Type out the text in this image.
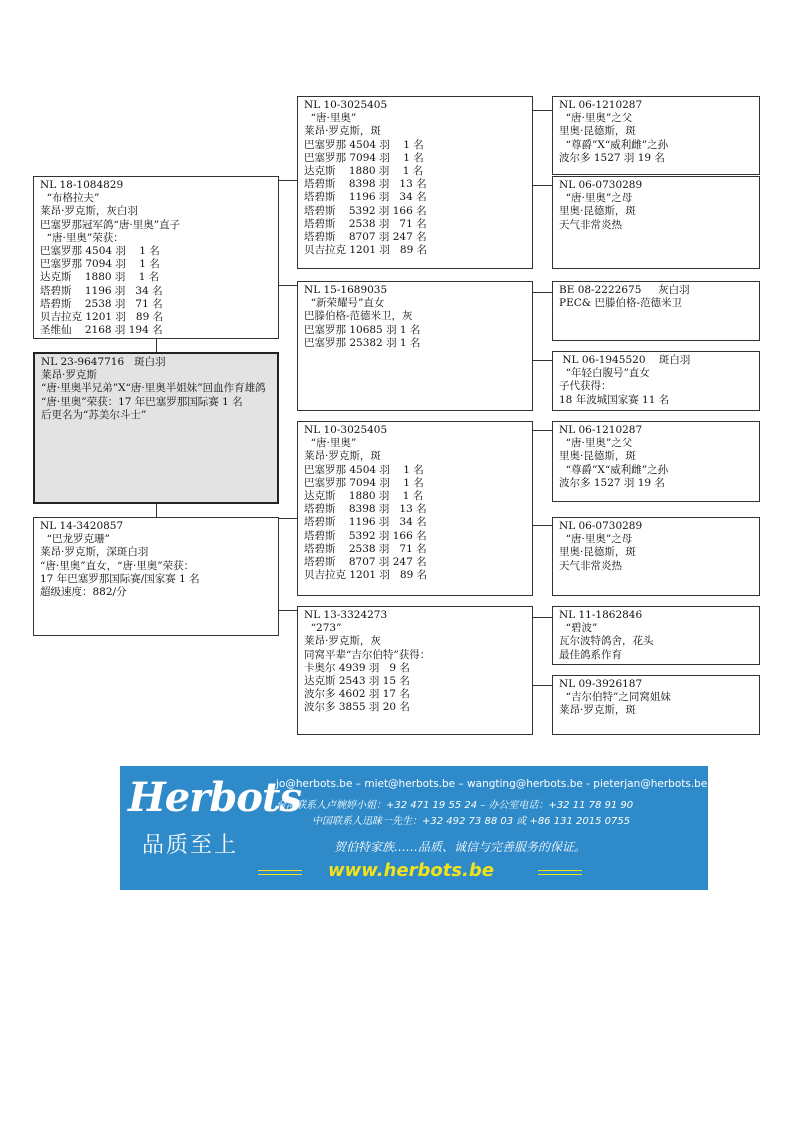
NL 18-1084829
“布格拉夫”
莱昂·罗克斯，灰白羽
巴塞罗那冠军鸽“唐·里奥”直子
“唐·里奥”荣获：
巴塞罗那 4504 羽    1 名
巴塞罗那 7094 羽    1 名
达克斯    1880 羽    1 名
塔碧斯    1196 羽   34 名
塔碧斯    2538 羽   71 名
贝吉拉克 1201 羽   89 名
圣维仙    2168 羽 194 名
NL 23-9647716   斑白羽
莱昂·罗克斯
“唐·里奥半兄弟”X“唐·里奥半姐妹”回血作育雄鸽
“唐·里奥”荣获：17 年巴塞罗那国际赛 1 名
后更名为“苏美尔斗士”
NL 14-3420857
“巴龙罗克珊”
莱昂·罗克斯，深斑白羽
“唐·里奥”直女，“唐·里奥”荣获：
17 年巴塞罗那国际赛/国家赛 1 名
超级速度：882/分
NL 10-3025405
“唐·里奥”
莱昂·罗克斯，斑
巴塞罗那 4504 羽    1 名
巴塞罗那 7094 羽    1 名
达克斯    1880 羽    1 名
塔碧斯    8398 羽   13 名
塔碧斯    1196 羽   34 名
塔碧斯    5392 羽 166 名
塔碧斯    2538 羽   71 名
塔碧斯    8707 羽 247 名
贝吉拉克 1201 羽   89 名
NL 15-1689035
“新荣耀号”直女
巴滕伯格-范德米卫，灰
巴塞罗那 10685 羽 1 名
巴塞罗那 25382 羽 1 名
NL 10-3025405
“唐·里奥”
莱昂·罗克斯，斑
巴塞罗那 4504 羽    1 名
巴塞罗那 7094 羽    1 名
达克斯    1880 羽    1 名
塔碧斯    8398 羽   13 名
塔碧斯    1196 羽   34 名
塔碧斯    5392 羽 166 名
塔碧斯    2538 羽   71 名
塔碧斯    8707 羽 247 名
贝吉拉克 1201 羽   89 名
NL 13-3324273
“273”
莱昂·罗克斯，灰
同窝平辈“吉尔伯特”获得：
卡奥尔 4939 羽   9 名
达克斯 2543 羽 15 名
波尔多 4602 羽 17 名
波尔多 3855 羽 20 名
NL 06-1210287
“唐·里奥”之父
里奥·昆德斯，斑
“尊爵”X“威利雌”之孙
波尔多 1527 羽 19 名
NL 06-0730289
“唐·里奥”之母
里奥·昆德斯，斑
天气非常炎热
BE 08-2222675     灰白羽
PEC& 巴滕伯格-范德米卫
NL 06-1945520    斑白羽
“年轻白腹号”直女
子代获得：
18 年波城国家赛 11 名
NL 06-1210287
“唐·里奥”之父
里奥·昆德斯，斑
“尊爵”X“威利雌”之孙
波尔多 1527 羽 19 名
NL 06-0730289
“唐·里奥”之母
里奥·昆德斯，斑
天气非常炎热
NL 11-1862846
“碧波”
瓦尔波特鸽舍，花头
最佳鸽系作育
NL 09-3926187
“吉尔伯特”之同窝姐妹
莱昂·罗克斯，斑
Herbots
品质至上
jo@herbots.be – miet@herbots.be – wangting@herbots.be - pieterjan@herbots.be
台湾联系人卢婉婷小姐：+32 471 19 55 24 – 办公室电话：+32 11 78 91 90
中国联系人迅睐一先生：+32 492 73 88 03 或 +86 131 2015 0755
贺伯特家族……品质、诚信与完善服务的保证。
www.herbots.be
